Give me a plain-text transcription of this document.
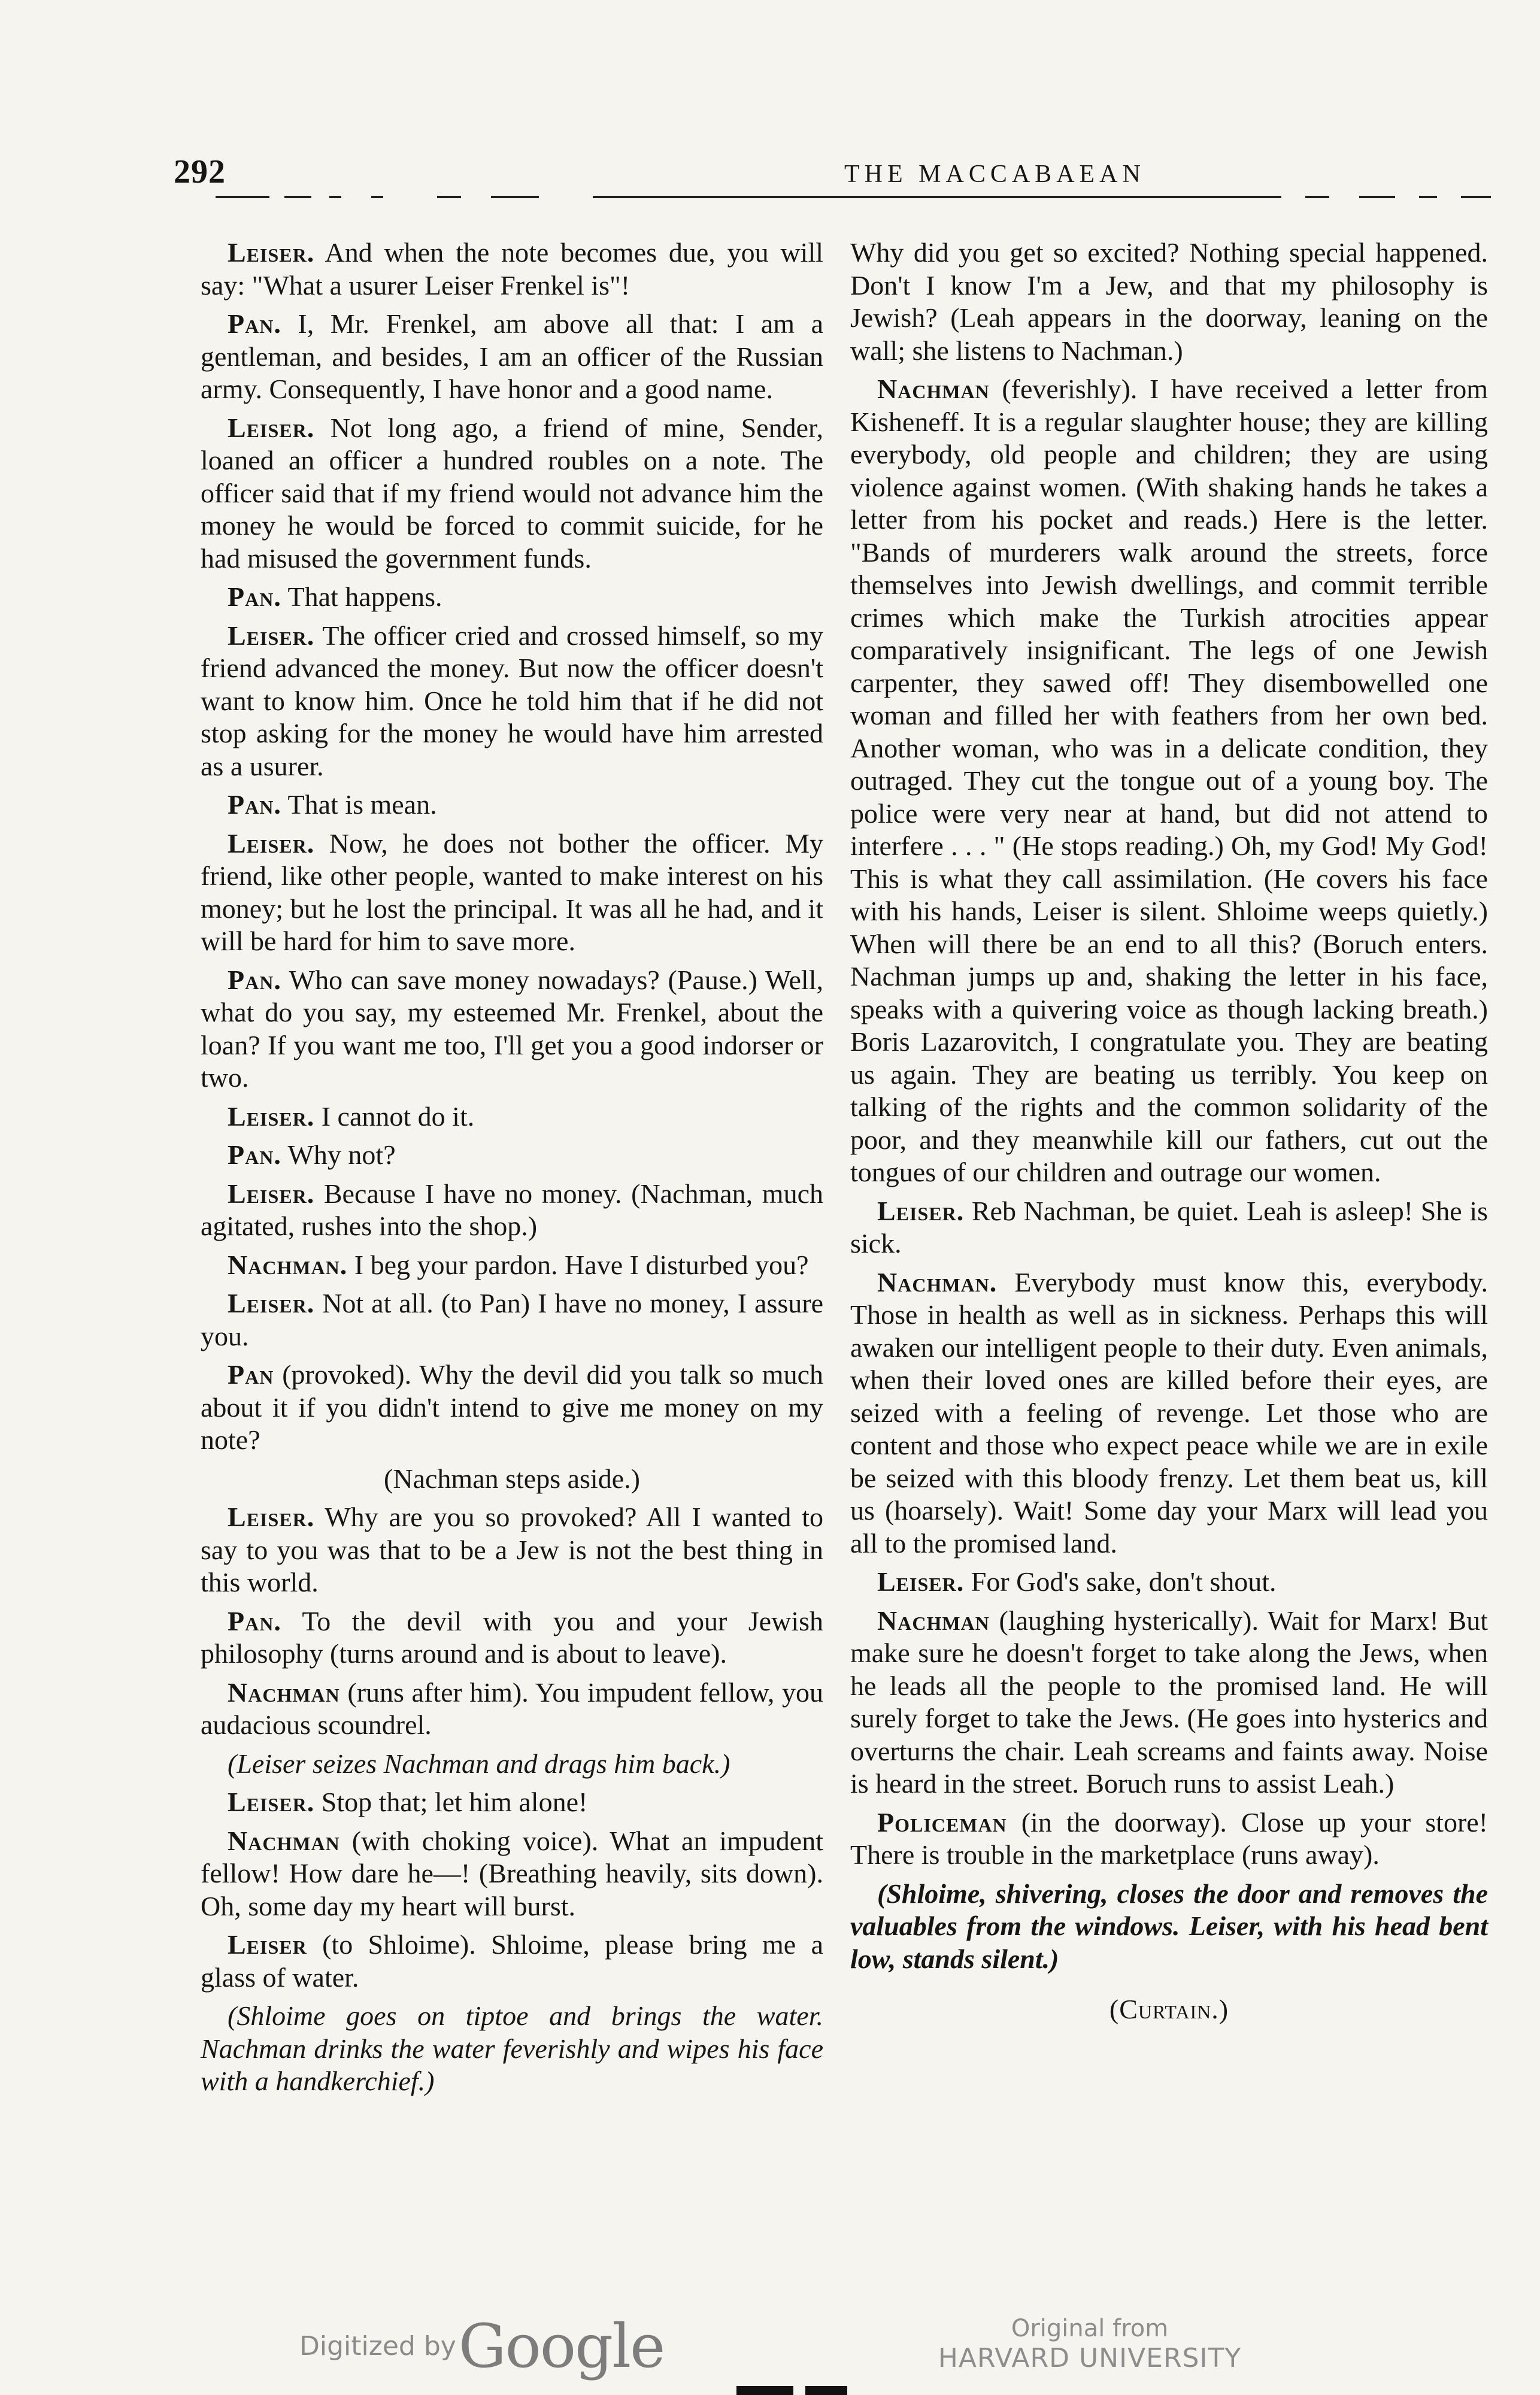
292	THE MACCABAEAN

Leiser. And when the note becomes due, you will say: "What a usurer Leiser Frenkel is"!

Pan. I, Mr. Frenkel, am above all that: I am a gentleman, and besides, I am an officer of the Russian army. Consequently, I have honor and a good name.

Leiser. Not long ago, a friend of mine, Sender, loaned an officer a hundred roubles on a note. The officer said that if my friend would not advance him the money he would be forced to commit suicide, for he had misused the government funds.

Pan. That happens.

Leiser. The officer cried and crossed himself, so my friend advanced the money. But now the officer doesn't want to know him. Once he told him that if he did not stop asking for the money he would have him arrested as a usurer.

Pan. That is mean.

Leiser. Now, he does not bother the officer. My friend, like other people, wanted to make interest on his money; but he lost the principal. It was all he had, and it will be hard for him to save more.

Pan. Who can save money nowadays? (Pause.) Well, what do you say, my esteemed Mr. Frenkel, about the loan? If you want me too, I'll get you a good indorser or two.

Leiser. I cannot do it.

Pan. Why not?

Leiser. Because I have no money. (Nachman, much agitated, rushes into the shop.)

Nachman. I beg your pardon. Have I disturbed you?

Leiser. Not at all. (to Pan) I have no money, I assure you.

Pan (provoked). Why the devil did you talk so much about it if you didn't intend to give me money on my note?

(Nachman steps aside.)

Leiser. Why are you so provoked? All I wanted to say to you was that to be a Jew is not the best thing in this world.

Pan. To the devil with you and your Jewish philosophy (turns around and is about to leave).

Nachman (runs after him). You impudent fellow, you audacious scoundrel.

(Leiser seizes Nachman and drags him back.)

Leiser. Stop that; let him alone!

Nachman (with choking voice). What an impudent fellow! How dare he—! (Breathing heavily, sits down). Oh, some day my heart will burst.

Leiser (to Shloime). Shloime, please bring me a glass of water.

(Shloime goes on tiptoe and brings the water. Nachman drinks the water feverishly and wipes his face with a handkerchief.)

Why did you get so excited? Nothing special happened. Don't I know I'm a Jew, and that my philosophy is Jewish? (Leah appears in the doorway, leaning on the wall; she listens to Nachman.)

Nachman (feverishly). I have received a letter from Kisheneff. It is a regular slaughter house; they are killing everybody, old people and children; they are using violence against women. (With shaking hands he takes a letter from his pocket and reads.) Here is the letter. "Bands of murderers walk around the streets, force themselves into Jewish dwellings, and commit terrible crimes which make the Turkish atrocities appear comparatively insignificant. The legs of one Jewish carpenter, they sawed off! They disembowelled one woman and filled her with feathers from her own bed. Another woman, who was in a delicate condition, they outraged. They cut the tongue out of a young boy. The police were very near at hand, but did not attend to interfere . . . " (He stops reading.) Oh, my God! My God! This is what they call assimilation. (He covers his face with his hands, Leiser is silent. Shloime weeps quietly.) When will there be an end to all this? (Boruch enters. Nachman jumps up and, shaking the letter in his face, speaks with a quivering voice as though lacking breath.) Boris Lazarovitch, I congratulate you. They are beating us again. They are beating us terribly. You keep on talking of the rights and the common solidarity of the poor, and they meanwhile kill our fathers, cut out the tongues of our children and outrage our women.

Leiser. Reb Nachman, be quiet. Leah is asleep! She is sick.

Nachman. Everybody must know this, everybody. Those in health as well as in sickness. Perhaps this will awaken our intelligent people to their duty. Even animals, when their loved ones are killed before their eyes, are seized with a feeling of revenge. Let those who are content and those who expect peace while we are in exile be seized with this bloody frenzy. Let them beat us, kill us (hoarsely). Wait! Some day your Marx will lead you all to the promised land.

Leiser. For God's sake, don't shout.

Nachman (laughing hysterically). Wait for Marx! But make sure he doesn't forget to take along the Jews, when he leads all the people to the promised land. He will surely forget to take the Jews. (He goes into hysterics and overturns the chair. Leah screams and faints away. Noise is heard in the street. Boruch runs to assist Leah.)

Policeman (in the doorway). Close up your store! There is trouble in the marketplace (runs away).

(Shloime, shivering, closes the door and removes the valuables from the windows. Leiser, with his head bent low, stands silent.)

(Curtain.)

Digitized by Google	Original from
HARVARD UNIVERSITY
